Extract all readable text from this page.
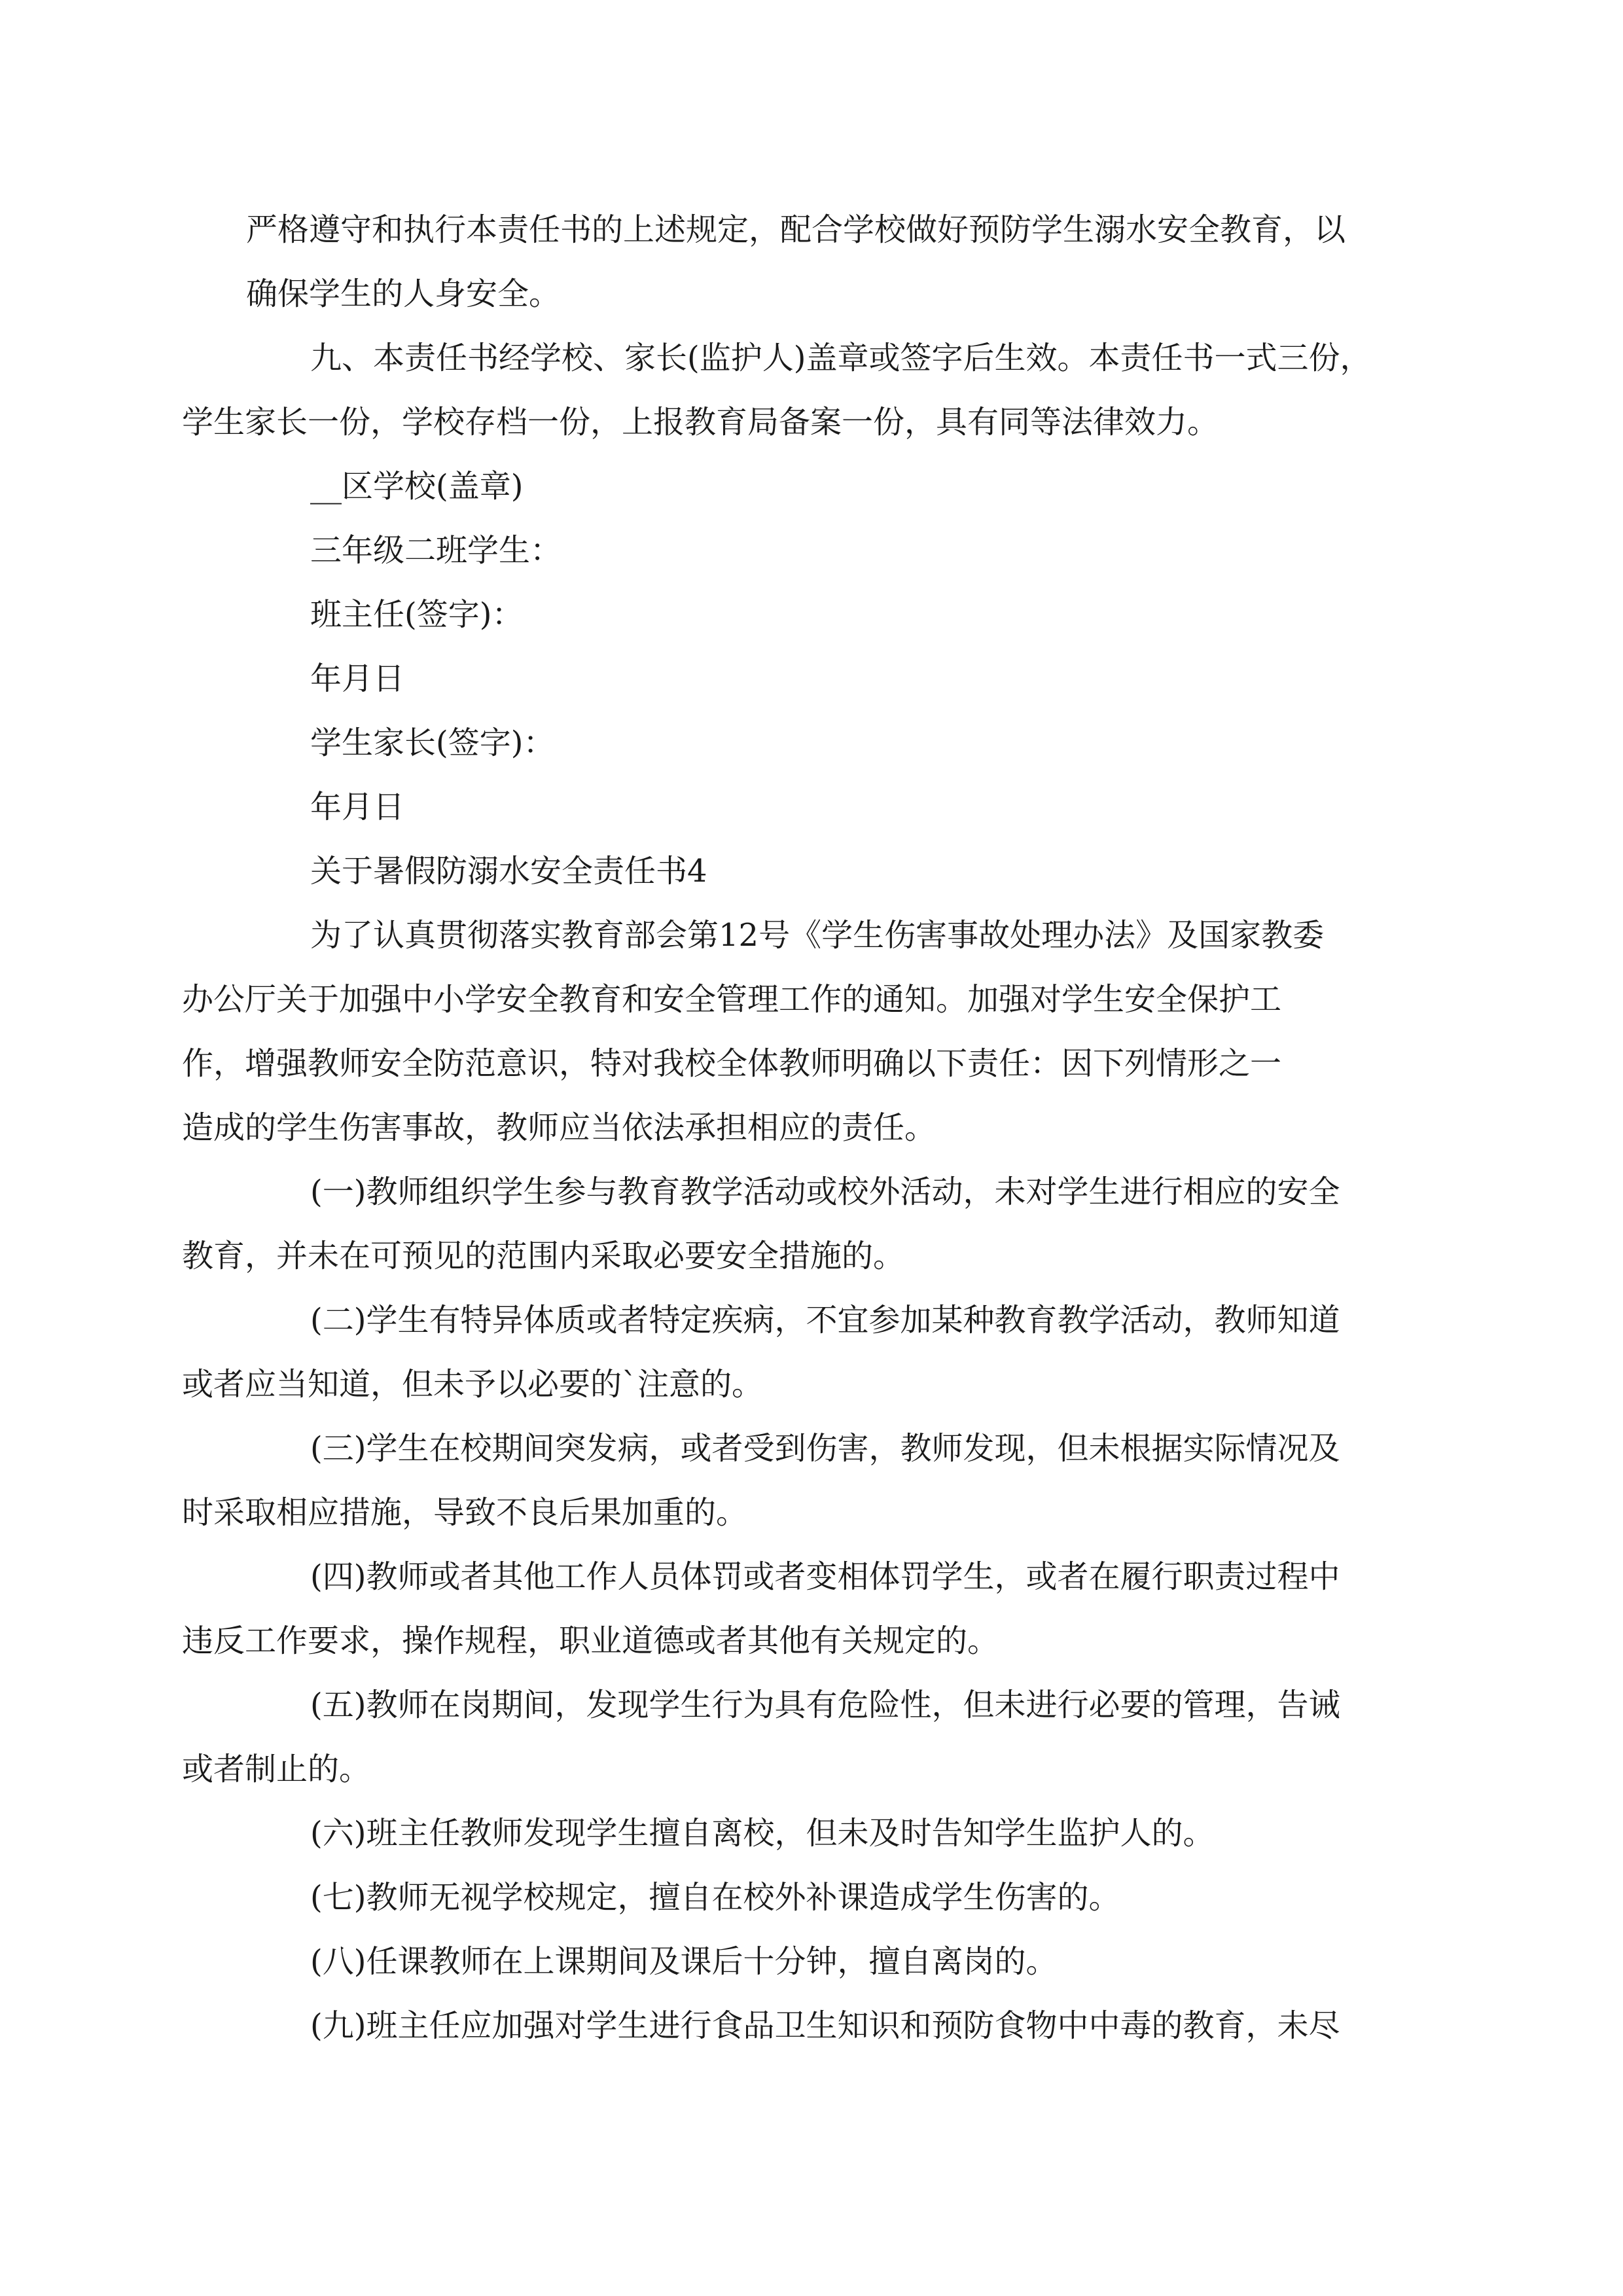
严格遵守和执行本责任书的上述规定，配合学校做好预防学生溺水安全教育，以
确保学生的人身安全。

九、本责任书经学校、家长(监护人)盖章或签字后生效。本责任书一式三份，
学生家长一份，学校存档一份，上报教育局备案一份，具有同等法律效力。

__区学校(盖章)

三年级二班学生：

班主任(签字)：

年月日

学生家长(签字)：

年月日

关于暑假防溺水安全责任书4

为了认真贯彻落实教育部会第12号《学生伤害事故处理办法》及国家教委
办公厅关于加强中小学安全教育和安全管理工作的通知。加强对学生安全保护工
作，增强教师安全防范意识，特对我校全体教师明确以下责任：因下列情形之一
造成的学生伤害事故，教师应当依法承担相应的责任。

(一)教师组织学生参与教育教学活动或校外活动，未对学生进行相应的安全
教育，并未在可预见的范围内采取必要安全措施的。

(二)学生有特异体质或者特定疾病，不宜参加某种教育教学活动，教师知道
或者应当知道，但未予以必要的`注意的。

(三)学生在校期间突发病，或者受到伤害，教师发现，但未根据实际情况及
时采取相应措施，导致不良后果加重的。

(四)教师或者其他工作人员体罚或者变相体罚学生，或者在履行职责过程中
违反工作要求，操作规程，职业道德或者其他有关规定的。

(五)教师在岗期间，发现学生行为具有危险性，但未进行必要的管理，告诫
或者制止的。

(六)班主任教师发现学生擅自离校，但未及时告知学生监护人的。

(七)教师无视学校规定，擅自在校外补课造成学生伤害的。

(八)任课教师在上课期间及课后十分钟，擅自离岗的。

(九)班主任应加强对学生进行食品卫生知识和预防食物中中毒的教育，未尽
